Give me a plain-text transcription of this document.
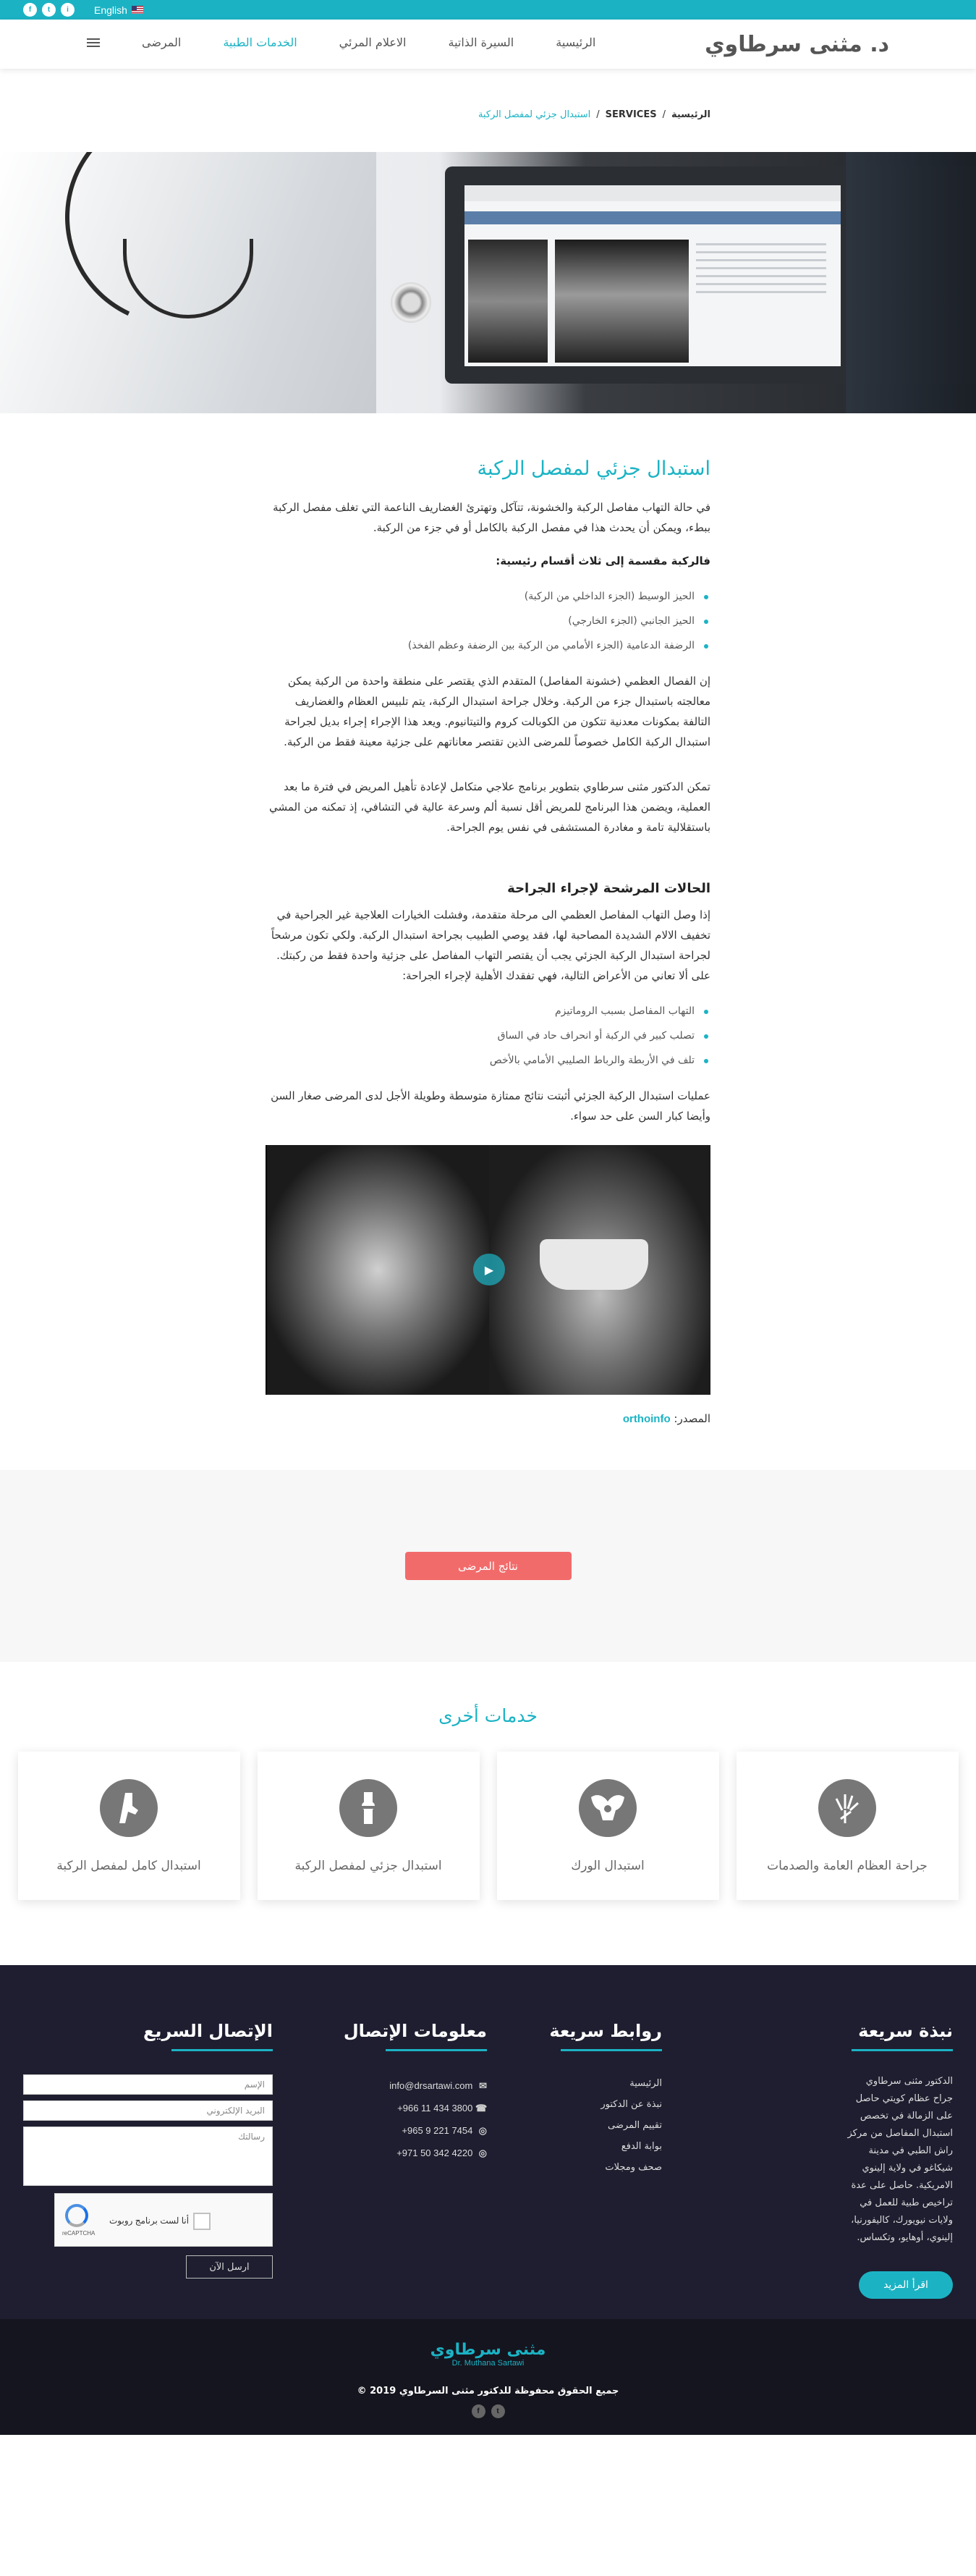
f	t	i	English
د. مثنى سرطاوي
الرئيسية
السيرة الذاتية
الاعلام المرئي
الخدمات الطبية
المرضى
الرئيسية
/
SERVICES
/
استبدال جزئي لمفصل الركبة
استبدال جزئي لمفصل الركبة

في حالة التهاب مفاصل الركبة والخشونة، تتآكل وتهترئ الغضاريف الناعمة التي تغلف مفصل الركبة ببطء، ويمكن أن يحدث هذا في مفصل الركبة بالكامل أو في جزء من الركبة.

فالركبة مقسمة إلى ثلاث أقسام رئيسية:

الحيز الوسيط (الجزء الداخلي من الركبة)
الحيز الجانبي (الجزء الخارجي)
الرضفة الدعامية (الجزء الأمامي من الركبة بين الرضفة وعظم الفخذ)

إن الفصال العظمي (خشونة المفاصل) المتقدم الذي يقتصر على منطقة واحدة من الركبة يمكن معالجته باستبدال جزء من الركبة. وخلال جراحة استبدال الركبة، يتم تلبيس العظام والغضاريف التالفة بمكونات معدنية تتكون من الكوبالت كروم والتيتانيوم. ويعد هذا الإجراء إجراء بديل لجراحة استبدال الركبة الكامل خصوصاً للمرضى الذين تقتصر معاناتهم على جزئية معينة فقط من الركبة.

تمكن الدكتور مثنى سرطاوي بتطوير برنامج علاجي متكامل لإعادة تأهيل المريض في فترة ما بعد العملية، ويضمن هذا البرنامج للمريض أقل نسبة ألم وسرعة عالية في التشافي، إذ تمكنه من المشي باستقلالية تامة و مغادرة المستشفى في نفس يوم الجراحة.

الحالات المرشحة لإجراء الجراحة

إذا وصل التهاب المفاصل العظمي الى مرحلة متقدمة، وفشلت الخيارات العلاجية غير الجراحية في تخفيف الالام الشديدة المصاحبة لها، فقد يوصي الطبيب بجراحة استبدال الركبة. ولكي تكون مرشحاً لجراحة استبدال الركبة الجزئي يجب أن يقتصر التهاب المفاصل على جزئية واحدة فقط من ركبتك. على ألا تعاني من الأعراض التالية، فهي تفقدك الأهلية لإجراء الجراحة:

التهاب المفاصل بسبب الروماتيزم
تصلب كبير في الركبة أو انحراف حاد في الساق
تلف في الأربطة والرباط الصليبي الأمامي بالأخص

عمليات استبدال الركبة الجزئي أثبتت نتائج ممتازة متوسطة وطويلة الأجل لدى المرضى صغار السن وأيضا كبار السن على حد سواء.

▶
المصدر: orthoinfo
نتائج المرضى
خدمات أخرى
استبدال كامل لمفصل الركبة	استبدال جزئي لمفصل الركبة	استبدال الورك	جراحة العظام العامة والصدمات
نبذة سريعة

الدكتور مثنى سرطاوي جراح عظام كويتي حاصل على الزمالة في تخصص استبدال المفاصل من مركز راش الطبي في مدينة شيكاغو في ولاية إلينوي الامريكية. حاصل على عدة تراخيص طبية للعمل في ولايات نيويورك، كاليفورنيا، إلينوي، أوهايو، وتكساس.

اقرأ المزيد
روابط سريعة
الرئيسية
نبذة عن الدكتور
تقييم المرضى
بوابة الدفع
صحف ومجلات
معلومات الإتصال
info@drsartawi.com ✉
+966 11 434 3800 ☎
+965 9 221 7454 ◎
+971 50 342 4220 ◎
الإتصال السريع
الإسم
البريد الإلكتروني
رسالتك
أنا لست برنامج روبوت
reCAPTCHA
ارسل الآن
مثنى سرطاوي
Dr. Muthana Sartawi
جميع الحقوق محفوظة للدكتور مثنى السرطاوي 2019 ©
f	t
